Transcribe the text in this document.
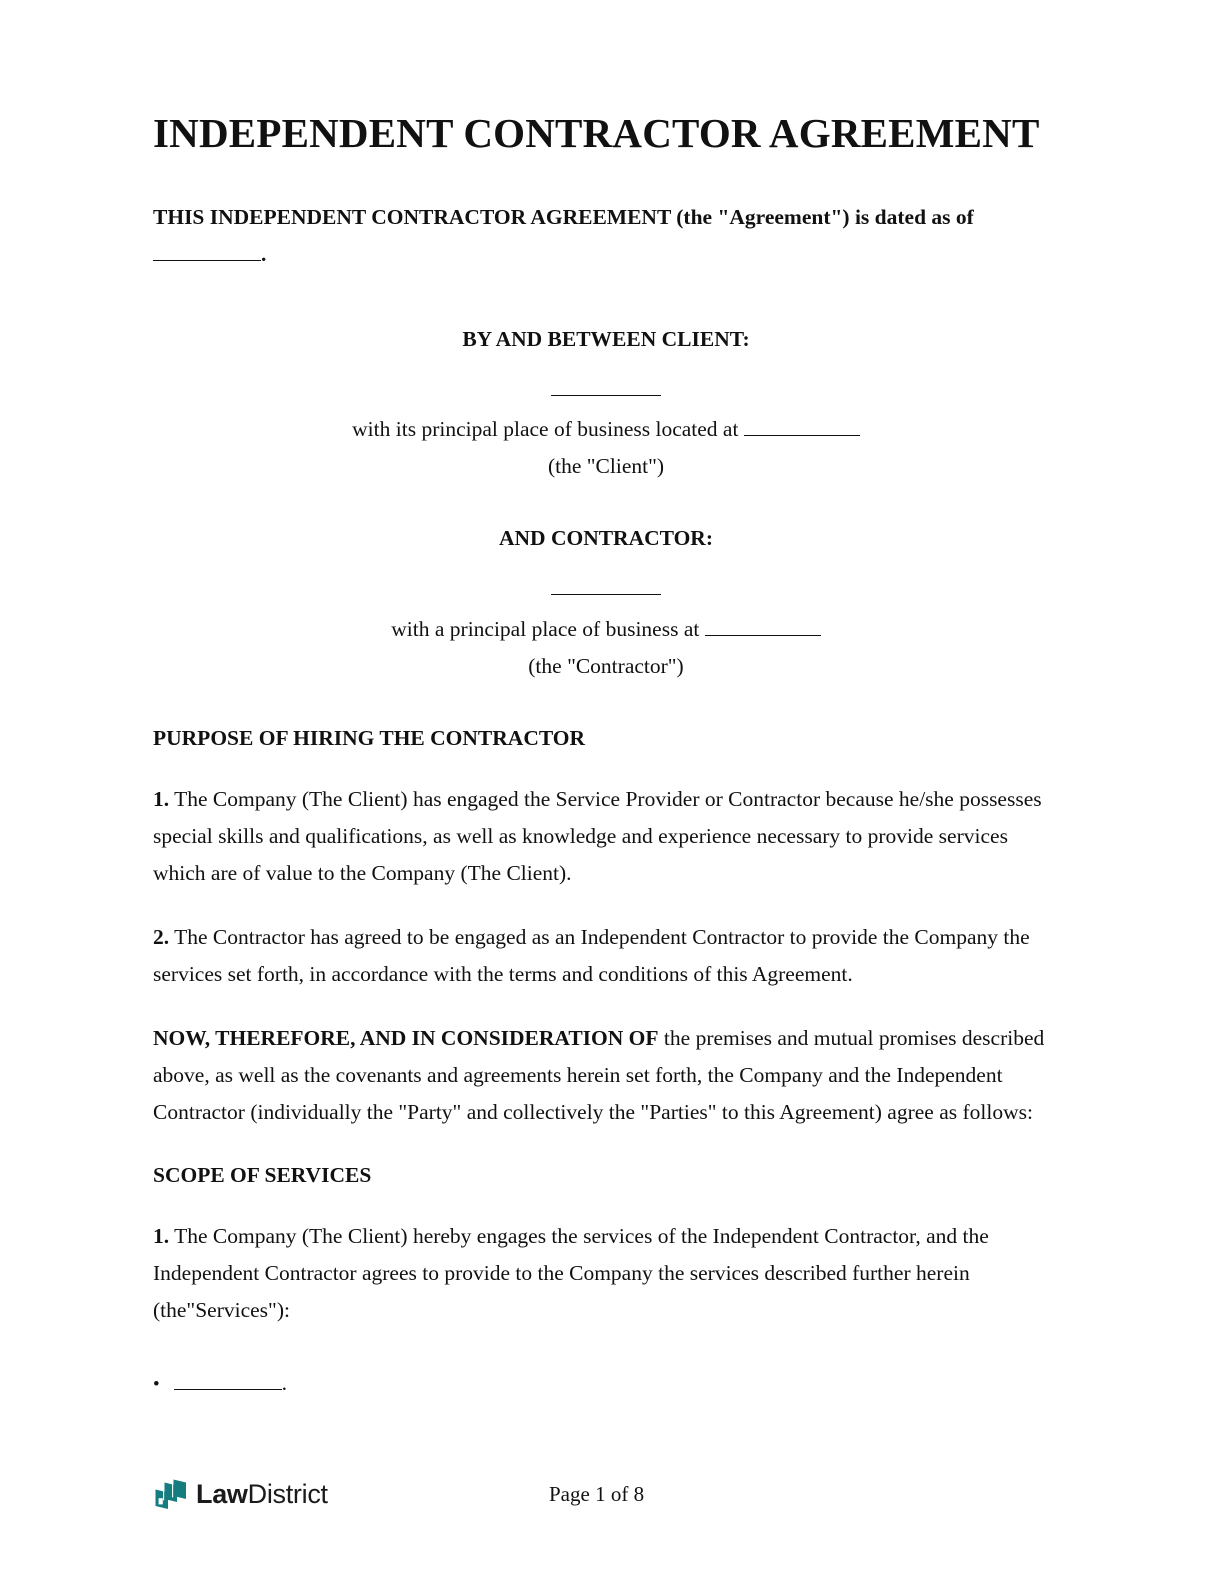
INDEPENDENT CONTRACTOR AGREEMENT

THIS INDEPENDENT CONTRACTOR AGREEMENT (the "Agreement") is dated as of .

BY AND BETWEEN CLIENT:
with its principal place of business located at
(the "Client")
AND CONTRACTOR:
with a principal place of business at
(the "Contractor")
PURPOSE OF HIRING THE CONTRACTOR

1. The Company (The Client) has engaged the Service Provider or Contractor because he/she possesses special skills and qualifications, as well as knowledge and experience necessary to provide services which are of value to the Company (The Client).

2. The Contractor has agreed to be engaged as an Independent Contractor to provide the Company the services set forth, in accordance with the terms and conditions of this Agreement.

NOW, THEREFORE, AND IN CONSIDERATION OF the premises and mutual promises described above, as well as the covenants and agreements herein set forth, the Company and the Independent Contractor (individually the "Party" and collectively the "Parties" to this Agreement) agree as follows:

SCOPE OF SERVICES

1. The Company (The Client) hereby engages the services of the Independent Contractor, and the Independent Contractor agrees to provide to the Company the services described further herein (the"Services"):

•	.
LawDistrict	Page 1 of 8
